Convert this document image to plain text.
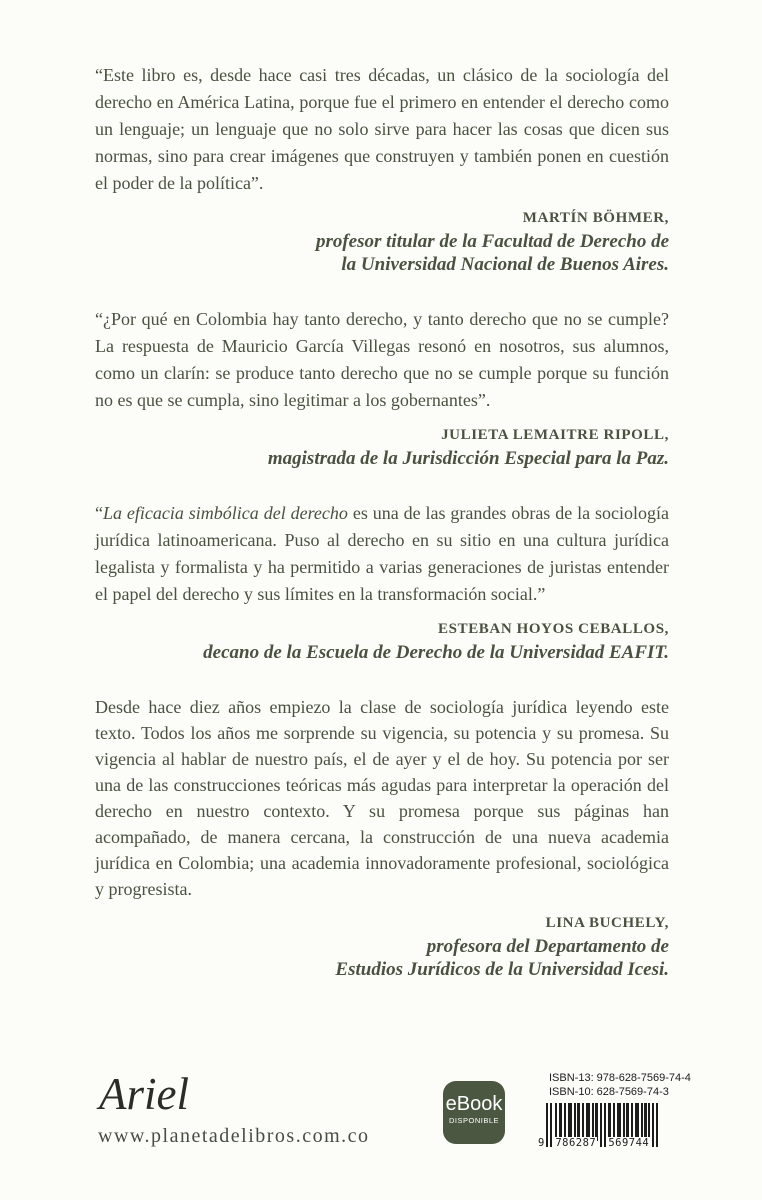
“Este libro es, desde hace casi tres décadas, un clásico de la sociología del derecho en América Latina, porque fue el primero en entender el derecho como un lenguaje; un lenguaje que no solo sirve para hacer las cosas que dicen sus normas, sino para crear imágenes que construyen y también ponen en cuestión el poder de la política”.

MARTÍN BÖHMER,
profesor titular de la Facultad de Derecho de
la Universidad Nacional de Buenos Aires.

“¿Por qué en Colombia hay tanto derecho, y tanto derecho que no se cumple? La respuesta de Mauricio García Villegas resonó en nosotros, sus alumnos, como un clarín: se produce tanto derecho que no se cumple porque su función no es que se cumpla, sino legitimar a los gobernantes”.

JULIETA LEMAITRE RIPOLL,
magistrada de la Jurisdicción Especial para la Paz.

“La eficacia simbólica del derecho es una de las grandes obras de la sociología jurídica latinoamericana. Puso al derecho en su sitio en una cultura jurídica legalista y formalista y ha permitido a varias generaciones de juristas entender el papel del derecho y sus límites en la transformación social.”

ESTEBAN HOYOS CEBALLOS,
decano de la Escuela de Derecho de la Universidad EAFIT.

Desde hace diez años empiezo la clase de sociología jurídica leyendo este texto. Todos los años me sorprende su vigencia, su potencia y su promesa. Su vigencia al hablar de nuestro país, el de ayer y el de hoy. Su potencia por ser una de las construcciones teóricas más agudas para interpretar la operación del derecho en nuestro contexto. Y su promesa porque sus páginas han acompañado, de manera cercana, la construcción de una nueva academia jurídica en Colombia; una academia innovadoramente profesional, sociológica y progresista.

LINA BUCHELY,
profesora del Departamento de
Estudios Jurídicos de la Universidad Icesi.
Ariel
www.planetadelibros.com.co
eBook
DISPONIBLE
ISBN-13: 978-628-7569-74-4
ISBN-10: 628-7569-74-3
9 786287 569744
